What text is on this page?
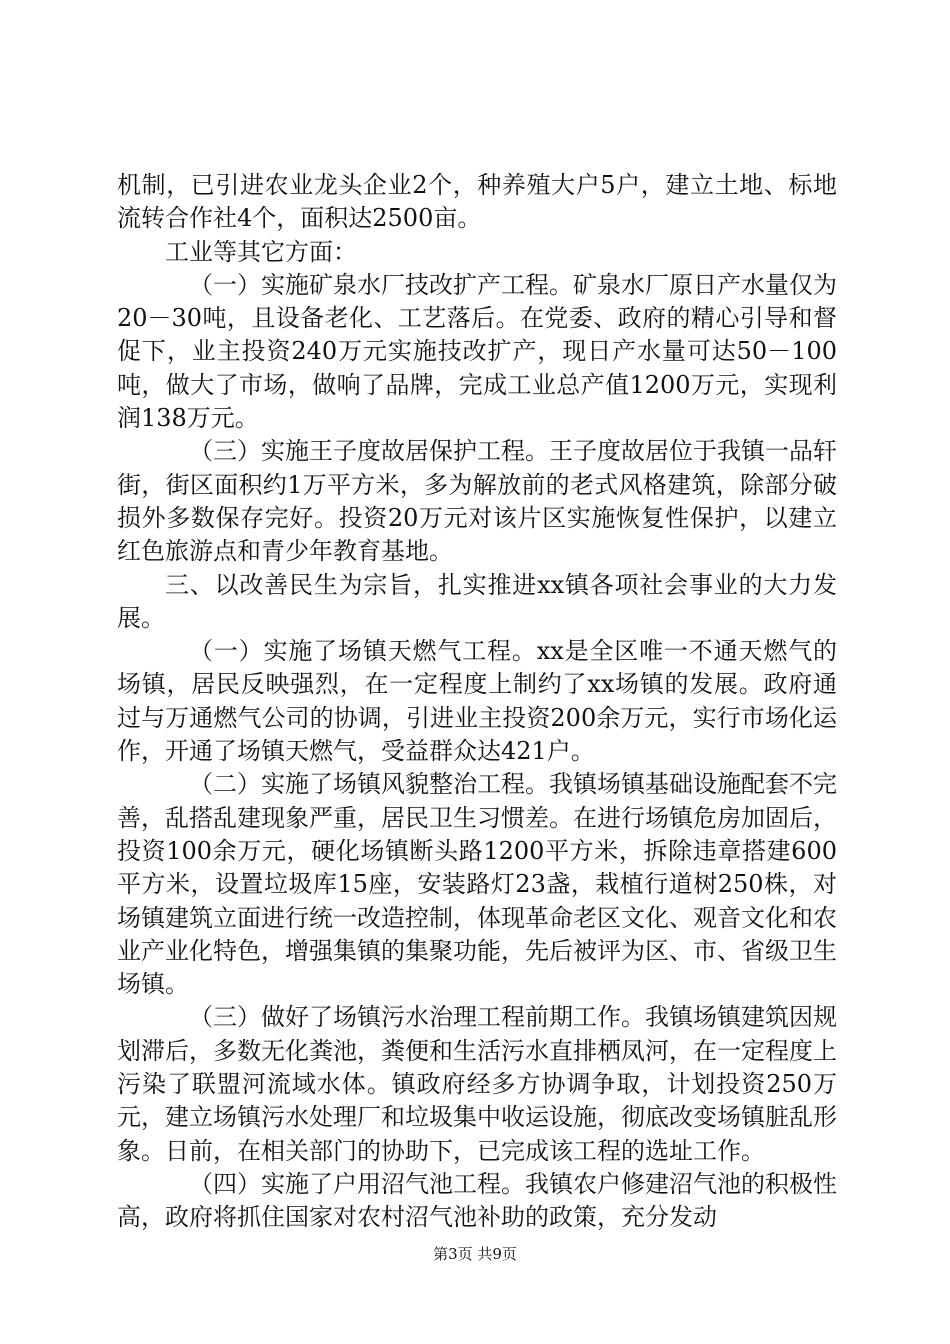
机制，已引进农业龙头企业2个，种养殖大户5户，建立土地、标地流转合作社4个，面积达2500亩。

工业等其它方面：

（一）实施矿泉水厂技改扩产工程。矿泉水厂原日产水量仅为20－30吨，且设备老化、工艺落后。在党委、政府的精心引导和督促下，业主投资240万元实施技改扩产，现日产水量可达50－100吨，做大了市场，做响了品牌，完成工业总产值1200万元，实现利润138万元。

（三）实施王子度故居保护工程。王子度故居位于我镇一品轩街，街区面积约1万平方米，多为解放前的老式风格建筑，除部分破损外多数保存完好。投资20万元对该片区实施恢复性保护，以建立红色旅游点和青少年教育基地。

三、以改善民生为宗旨，扎实推进xx镇各项社会事业的大力发展。

（一）实施了场镇天燃气工程。xx是全区唯一不通天燃气的场镇，居民反映强烈，在一定程度上制约了xx场镇的发展。政府通过与万通燃气公司的协调，引进业主投资200余万元，实行市场化运作，开通了场镇天燃气，受益群众达421户。

（二）实施了场镇风貌整治工程。我镇场镇基础设施配套不完善，乱搭乱建现象严重，居民卫生习惯差。在进行场镇危房加固后，投资100余万元，硬化场镇断头路1200平方米，拆除违章搭建600平方米，设置垃圾库15座，安装路灯23盏，栽植行道树250株，对场镇建筑立面进行统一改造控制，体现革命老区文化、观音文化和农业产业化特色，增强集镇的集聚功能，先后被评为区、市、省级卫生场镇。

（三）做好了场镇污水治理工程前期工作。我镇场镇建筑因规划滞后，多数无化粪池，粪便和生活污水直排栖凤河，在一定程度上污染了联盟河流域水体。镇政府经多方协调争取，计划投资250万元，建立场镇污水处理厂和垃圾集中收运设施，彻底改变场镇脏乱形象。日前，在相关部门的协助下，已完成该工程的选址工作。

（四）实施了户用沼气池工程。我镇农户修建沼气池的积极性高，政府将抓住国家对农村沼气池补助的政策，充分发动

第3页 共9页
